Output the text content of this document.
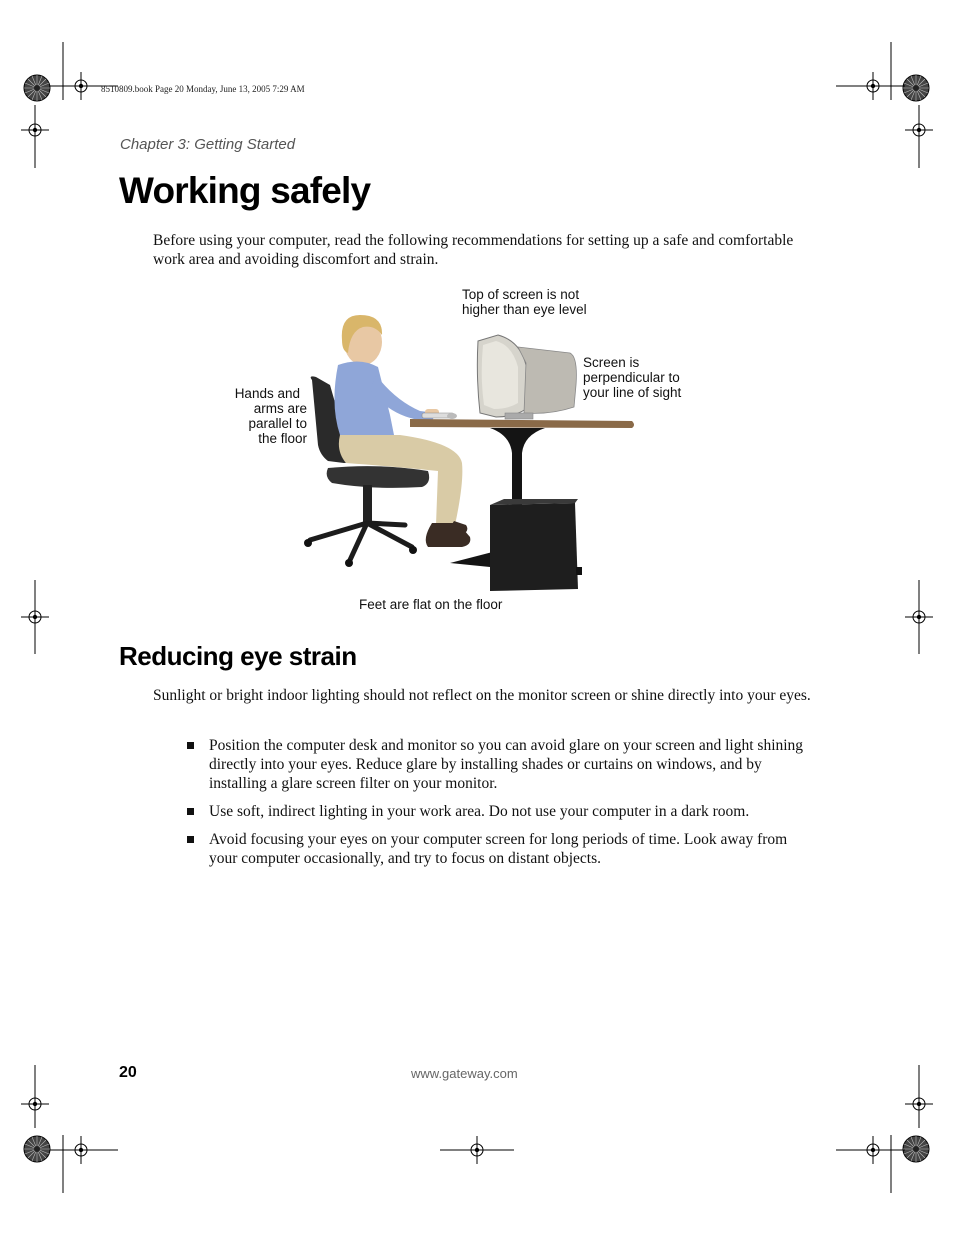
8510809.book Page 20 Monday, June 13, 2005 7:29 AM
Chapter 3: Getting Started
Working safely
Before using your computer, read the following recommendations for setting up a safe and comfortable work area and avoiding discomfort and strain.
Top of screen is not
higher than eye level
Screen is
perpendicular to
your line of sight
Hands and
arms are
parallel to
the floor
Feet are flat on the floor
Reducing eye strain
Sunlight or bright indoor lighting should not reflect on the monitor screen or shine directly into your eyes.
Position the computer desk and monitor so you can avoid glare on your screen and light shining directly into your eyes. Reduce glare by installing shades or curtains on windows, and by installing a glare screen filter on your monitor.
Use soft, indirect lighting in your work area. Do not use your computer in a dark room.
Avoid focusing your eyes on your computer screen for long periods of time. Look away from your computer occasionally, and try to focus on distant objects.
20	www.gateway.com
